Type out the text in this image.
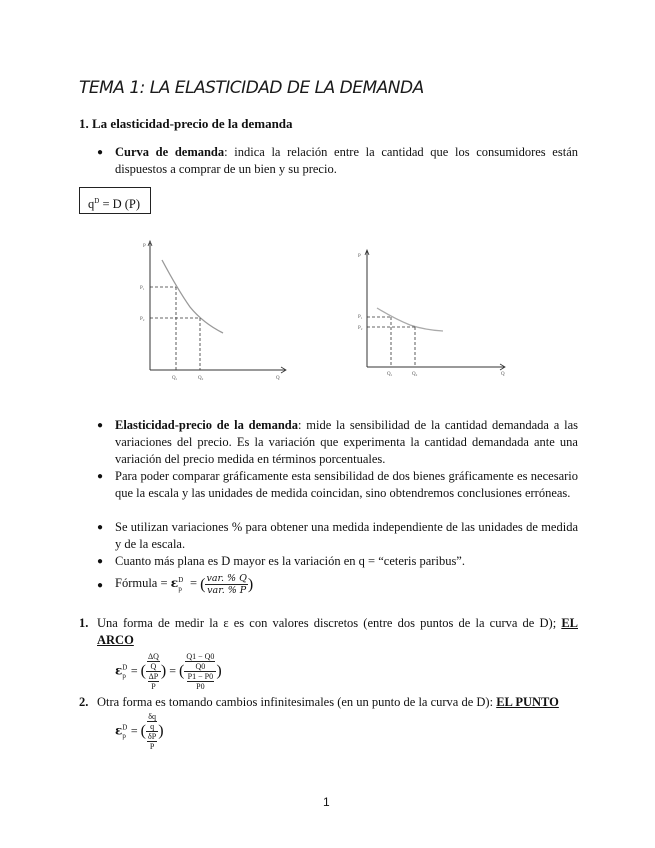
TEMA 1: LA ELASTICIDAD DE LA DEMANDA
1. La elasticidad-precio de la demanda
● Curva de demanda: indica la relación entre la cantidad que los consumidores están dispuestos a comprar de un bien y su precio.
$q^D = D$ (P)
P
P₁
P₂
Q₁	Q₂	Q
P
P₁
P₂
Q₁	Q₂	Q
● Elasticidad-precio de la demanda: mide la sensibilidad de la cantidad demandada a las variaciones del precio. Es la variación que experimenta la cantidad demandada ante una variación del precio medida en términos porcentuales.
● Para poder comparar gráficamente esta sensibilidad de dos bienes gráficamente es necesario que la escala y las unidades de medida coincidan, sino obtendremos conclusiones erróneas.
● Se utilizan variaciones % para obtener una medida independiente de las unidades de medida y de la escala.
● Cuanto más plana es D mayor es la variación en q = “ceteris paribus”.
● Fórmula = $\varepsilon^D_p$ = ( $\frac{\text{var. \% Q}}{\text{var. \% P}}$ )
1. Una forma de medir la ε es con valores discretos (entre dos puntos de la curva de D); EL ARCO
$\varepsilon^D_p$ = ( $\frac{\frac{\Delta Q}{Q}}{\frac{\Delta P}{P}}$ ) = ( $\frac{\frac{Q1 - Q0}{Q0}}{\frac{P1 - P0}{P0}}$ )
2. Otra forma es tomando cambios infinitesimales (en un punto de la curva de D): EL PUNTO
$\varepsilon^D_p$ = ( $\frac{\frac{\delta q}{q}}{\frac{\delta P}{P}}$ )
1
